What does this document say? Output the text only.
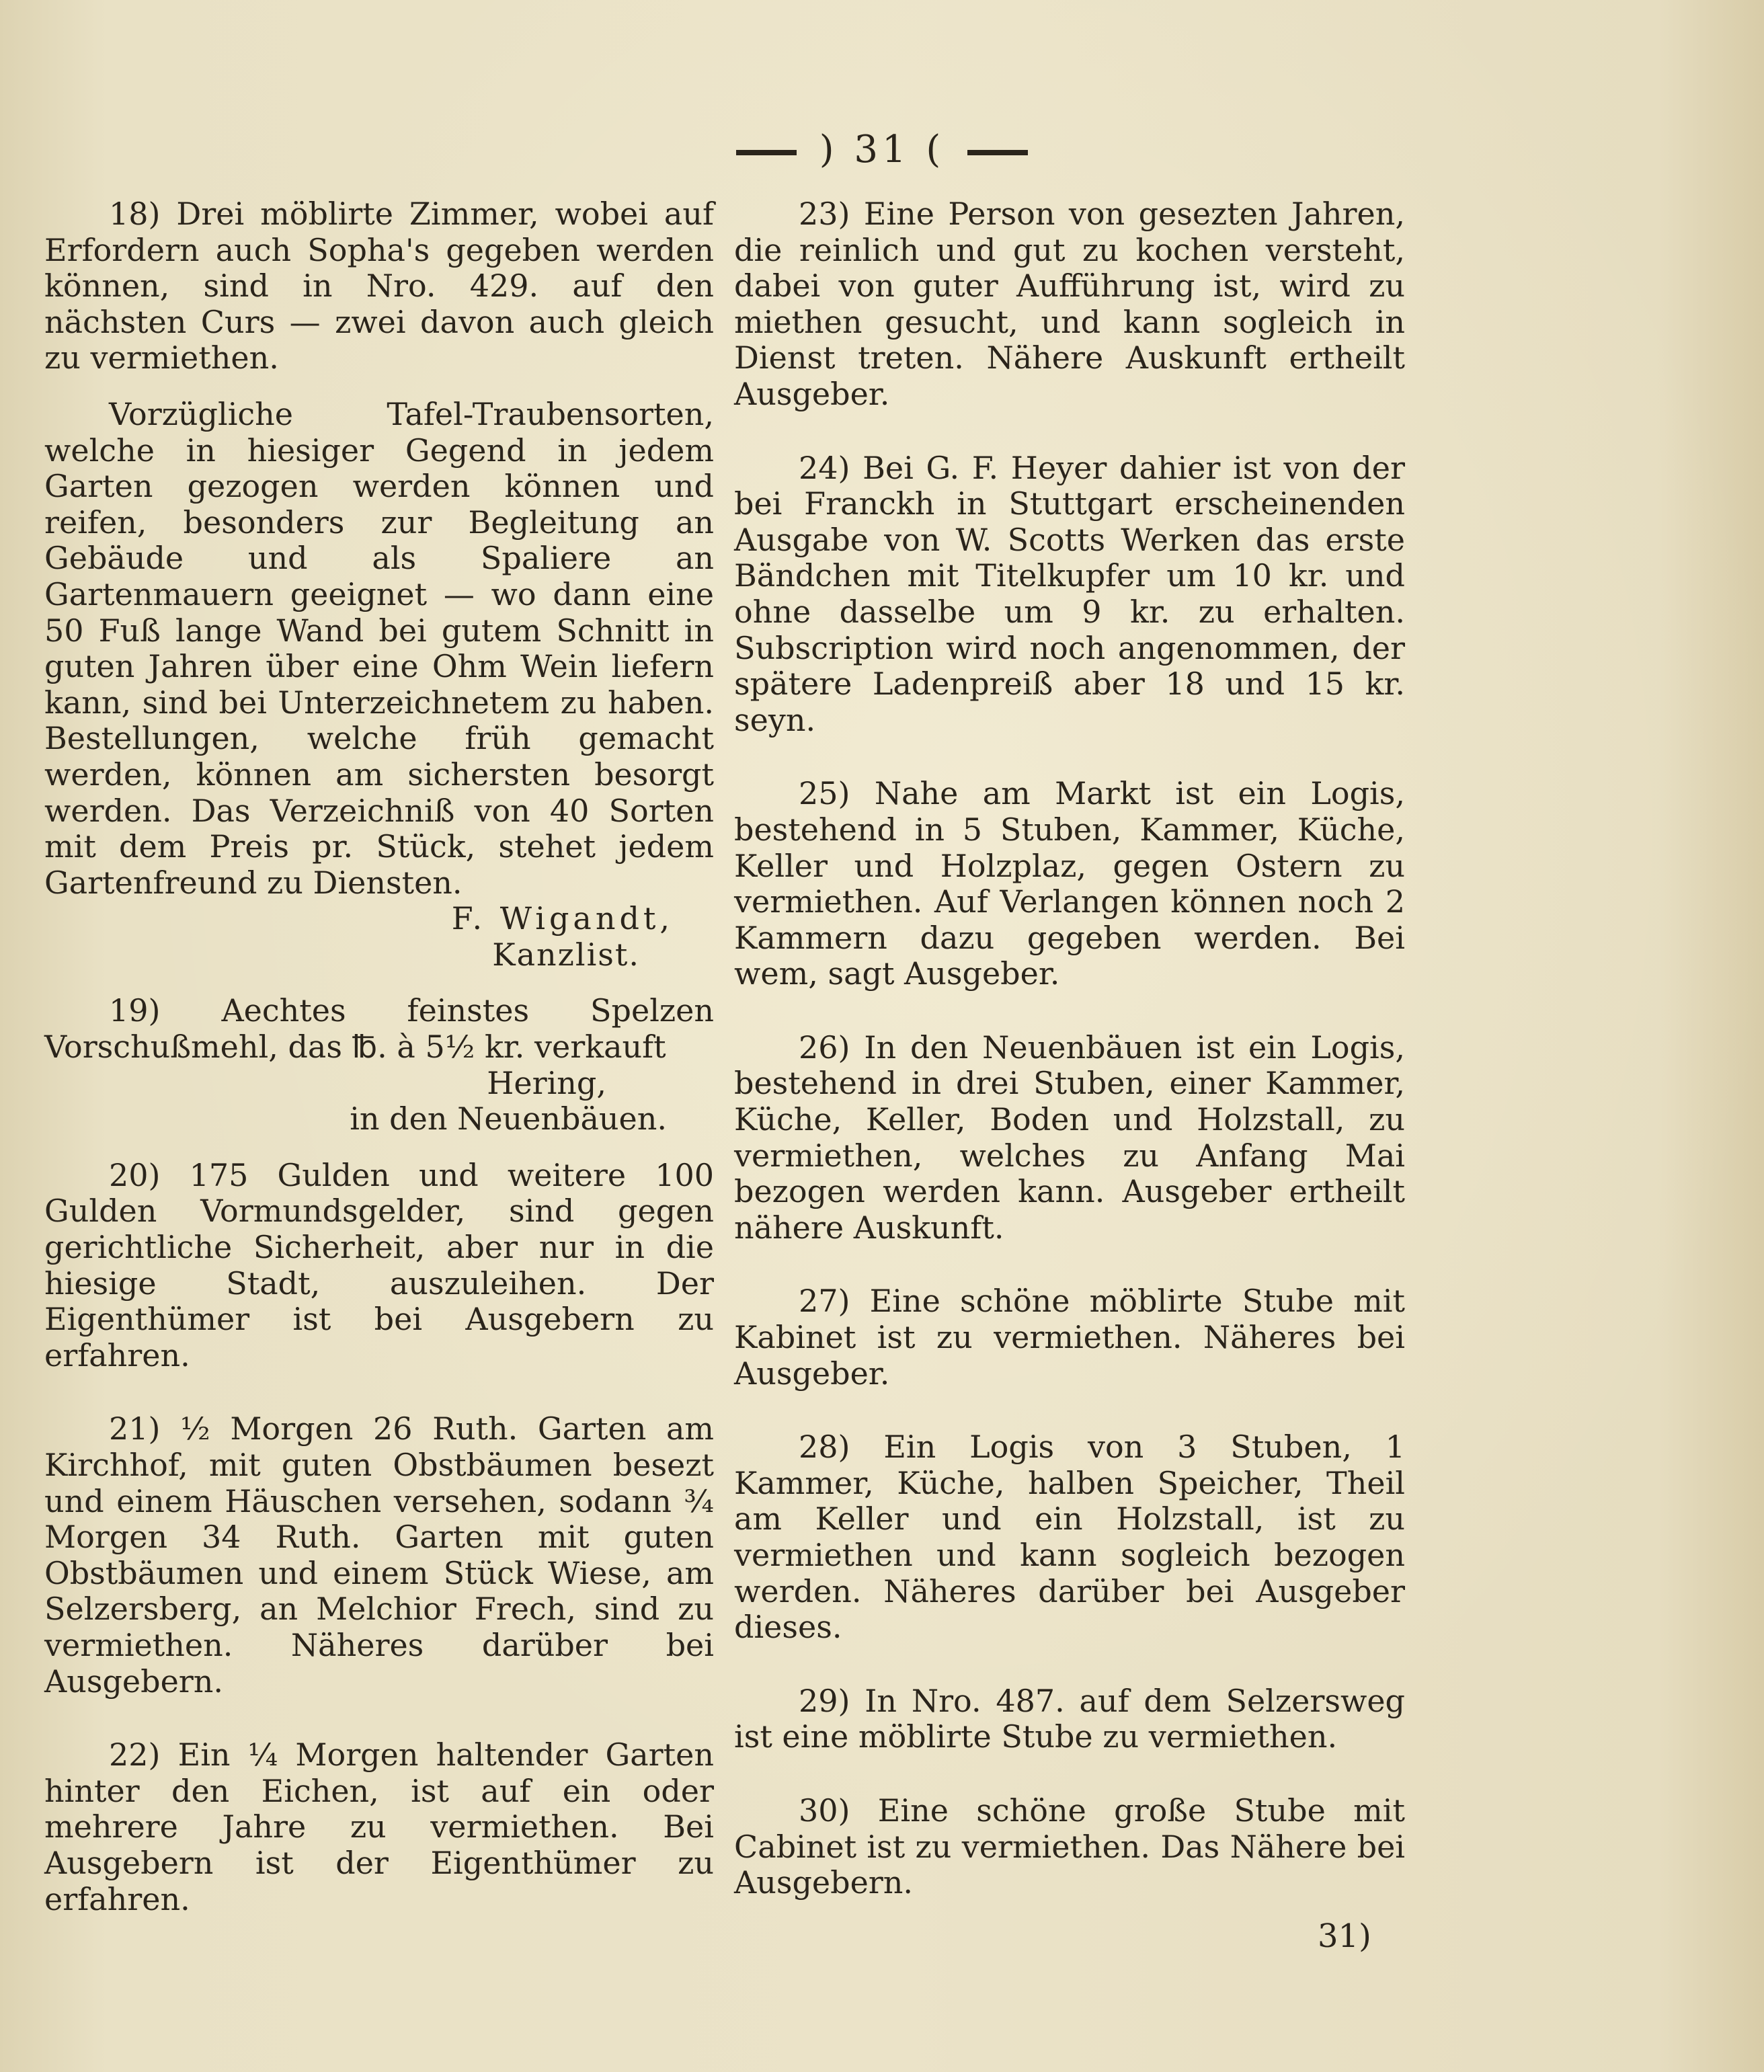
) 31 (

18) Drei möblirte Zimmer, wobei auf Erfordern auch Sopha's gegeben werden können, sind in Nro. 429. auf den nächsten Curs — zwei davon auch gleich zu vermiethen.

Vorzügliche Tafel-Traubensorten, welche in hiesiger Gegend in jedem Garten gezogen werden können und reifen, besonders zur Begleitung an Gebäude und als Spaliere an Gartenmauern geeignet — wo dann eine 50 Fuß lange Wand bei gutem Schnitt in guten Jahren über eine Ohm Wein liefern kann, sind bei Unterzeichnetem zu haben. Bestellungen, welche früh gemacht werden, können am sichersten besorgt werden. Das Verzeichniß von 40 Sorten mit dem Preis pr. Stück, stehet jedem Gartenfreund zu Diensten.

F. Wigandt,

Kanzlist.

19) Aechtes feinstes Spelzen Vorschußmehl, das ℔. à 5½ kr. verkauft

Hering,

in den Neuenbäuen.

20) 175 Gulden und weitere 100 Gulden Vormundsgelder, sind gegen gerichtliche Sicherheit, aber nur in die hiesige Stadt, auszuleihen. Der Eigenthümer ist bei Ausgebern zu erfahren.

21) ½ Morgen 26 Ruth. Garten am Kirchhof, mit guten Obstbäumen besezt und einem Häuschen versehen, sodann ¾ Morgen 34 Ruth. Garten mit guten Obstbäumen und einem Stück Wiese, am Selzersberg, an Melchior Frech, sind zu vermiethen. Näheres darüber bei Ausgebern.

22) Ein ¼ Morgen haltender Garten hinter den Eichen, ist auf ein oder mehrere Jahre zu vermiethen. Bei Ausgebern ist der Eigenthümer zu erfahren.

23) Eine Person von gesezten Jahren, die reinlich und gut zu kochen versteht, dabei von guter Aufführung ist, wird zu miethen gesucht, und kann sogleich in Dienst treten. Nähere Auskunft ertheilt Ausgeber.

24) Bei G. F. Heyer dahier ist von der bei Franckh in Stuttgart erscheinenden Ausgabe von W. Scotts Werken das erste Bändchen mit Titelkupfer um 10 kr. und ohne dasselbe um 9 kr. zu erhalten. Subscription wird noch angenommen, der spätere Ladenpreiß aber 18 und 15 kr. seyn.

25) Nahe am Markt ist ein Logis, bestehend in 5 Stuben, Kammer, Küche, Keller und Holzplaz, gegen Ostern zu vermiethen. Auf Verlangen können noch 2 Kammern dazu gegeben werden. Bei wem, sagt Ausgeber.

26) In den Neuenbäuen ist ein Logis, bestehend in drei Stuben, einer Kammer, Küche, Keller, Boden und Holzstall, zu vermiethen, welches zu Anfang Mai bezogen werden kann. Ausgeber ertheilt nähere Auskunft.

27) Eine schöne möblirte Stube mit Kabinet ist zu vermiethen. Näheres bei Ausgeber.

28) Ein Logis von 3 Stuben, 1 Kammer, Küche, halben Speicher, Theil am Keller und ein Holzstall, ist zu vermiethen und kann sogleich bezogen werden. Näheres darüber bei Ausgeber dieses.

29) In Nro. 487. auf dem Selzersweg ist eine möblirte Stube zu vermiethen.

30) Eine schöne große Stube mit Cabinet ist zu vermiethen. Das Nähere bei Ausgebern.

31)
